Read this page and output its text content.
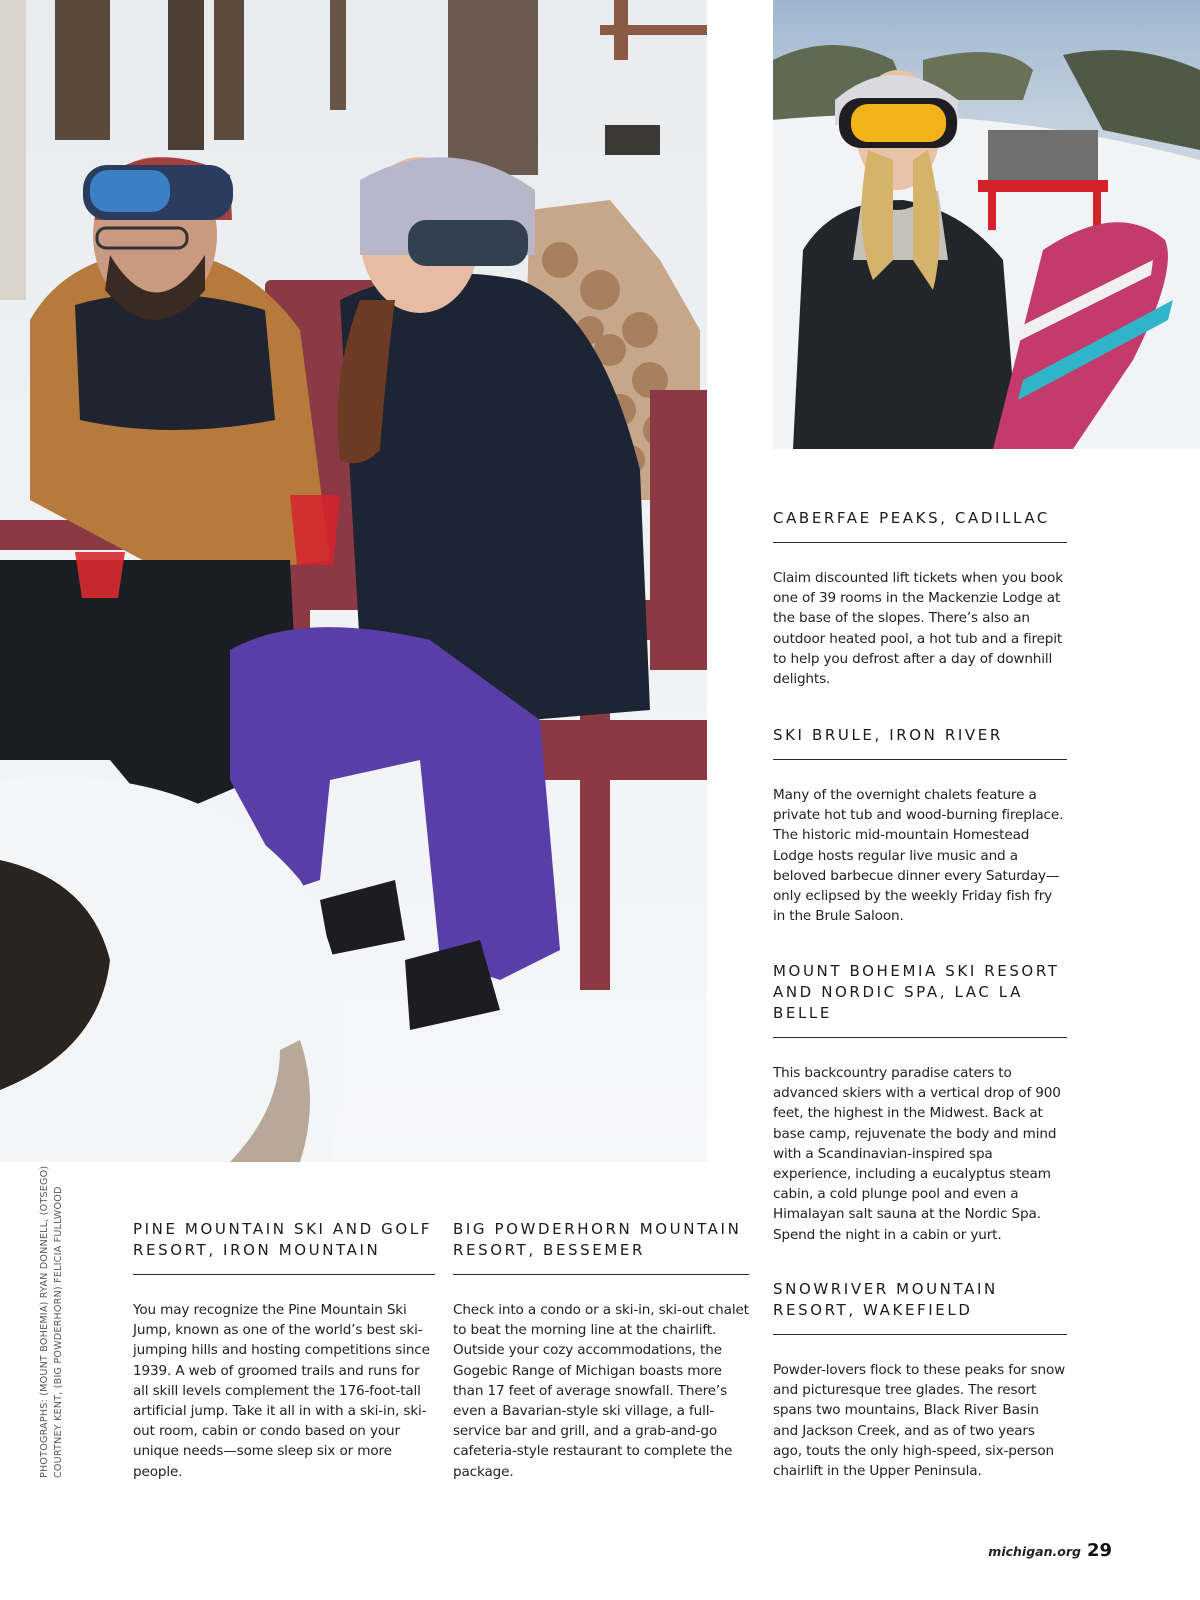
PHOTOGRAPHS: (MOUNT BOHEMIA) RYAN DONNELL, (OTSEGO) COURTNEY KENT, (BIG POWDERHORN) FELICIA FULLWOOD
CABERFAE PEAKS, CADILLAC

Claim discounted lift tickets when you book one of 39 rooms in the Mackenzie Lodge at the base of the slopes. There’s also an outdoor heated pool, a hot tub and a firepit to help you defrost after a day of downhill delights.

SKI BRULE, IRON RIVER

Many of the overnight chalets feature a private hot tub and wood-burning fireplace. The historic mid-mountain Homestead Lodge hosts regular live music and a beloved barbecue dinner every Saturday—only eclipsed by the weekly Friday fish fry in the Brule Saloon.

MOUNT BOHEMIA SKI RESORT AND NORDIC SPA, LAC LA BELLE

This backcountry paradise caters to advanced skiers with a vertical drop of 900 feet, the highest in the Midwest. Back at base camp, rejuvenate the body and mind with a Scandinavian-inspired spa experience, including a eucalyptus steam cabin, a cold plunge pool and even a Himalayan salt sauna at the Nordic Spa. Spend the night in a cabin or yurt.

SNOWRIVER MOUNTAIN RESORT, WAKEFIELD

Powder-lovers flock to these peaks for snow and picturesque tree glades. The resort spans two mountains, Black River Basin and Jackson Creek, and as of two years ago, touts the only high-speed, six-person chairlift in the Upper Peninsula.

PINE MOUNTAIN SKI AND GOLF RESORT, IRON MOUNTAIN

You may recognize the Pine Mountain Ski Jump, known as one of the world’s best ski-jumping hills and hosting competitions since 1939. A web of groomed trails and runs for all skill levels complement the 176-foot-tall artificial jump. Take it all in with a ski-in, ski-out room, cabin or condo based on your unique needs—some sleep six or more people.

BIG POWDERHORN MOUNTAIN RESORT, BESSEMER

Check into a condo or a ski-in, ski-out chalet to beat the morning line at the chairlift. Outside your cozy accommodations, the Gogebic Range of Michigan boasts more than 17 feet of average snowfall. There’s even a Bavarian-style ski village, a full-service bar and grill, and a grab-and-go cafeteria-style restaurant to complete the package.

michigan.org 29
